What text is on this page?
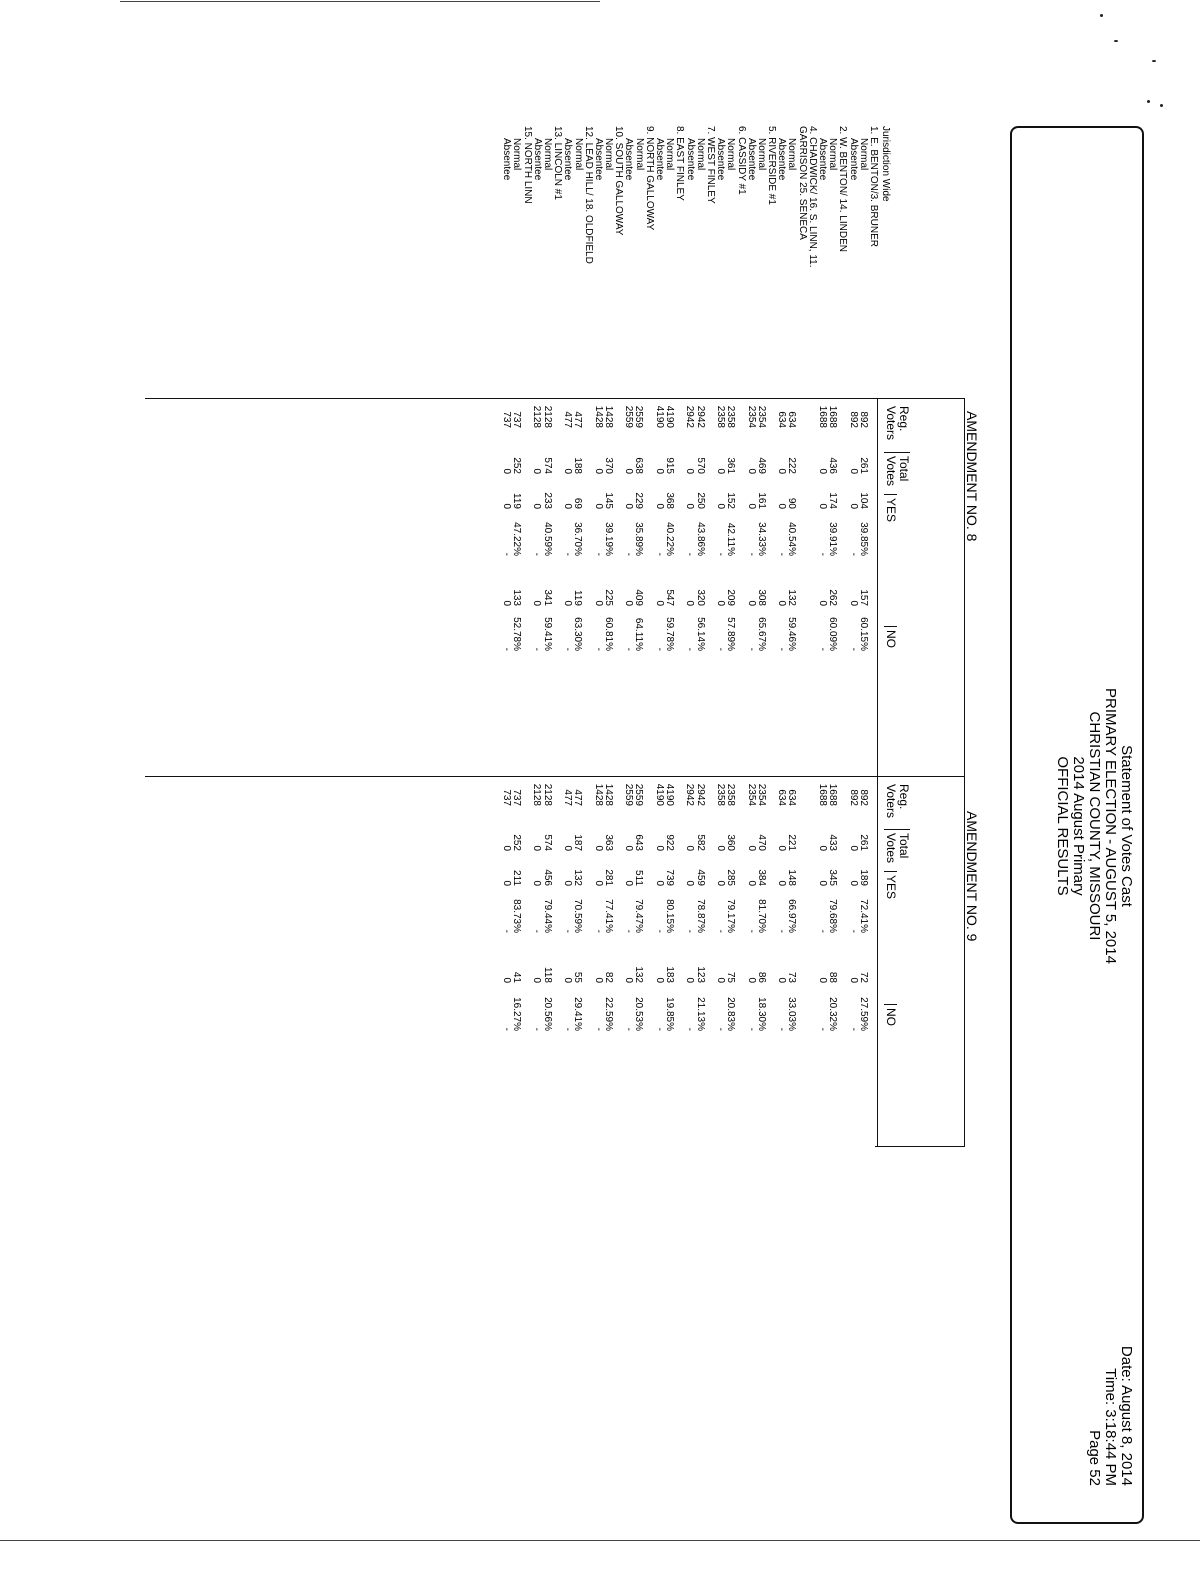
Statement of Votes Cast
PRIMARY ELECTION - AUGUST 5, 2014
CHRISTIAN COUNTY, MISSOURI
2014 August Primary
OFFICIAL RESULTS
Date: August 8, 2014
Time: 3:18:44 PM
Page 52
AMENDMENT NO. 8
AMENDMENT NO. 9
Reg.
Voters
Total
Votes
YES
NO
Reg.
Voters
Total
Votes
YES
NO
Jurisdiction Wide
1. E. BENTON/3. BRUNER
Normal
Absentee
2. W. BENTON/ 14. LINDEN
Normal
Absentee
4. CHADWICK/ 16. S. LINN, 11.
GARRISON 25. SENECA
Normal
Absentee
5. RIVERSIDE #1
Normal
Absentee
6. CASSIDY #1
Normal
Absentee
7. WEST FINLEY
Normal
Absentee
8. EAST FINLEY
Normal
Absentee
9. NORTH GALLOWAY
Normal
Absentee
10. SOUTH GALLOWAY
Normal
Absentee
12. LEAD HILL/ 18. OLDFIELD
Normal
Absentee
13. LINCOLN #1
Normal
Absentee
15. NORTH LINN
Normal
Absentee
892
261
104
39.85%
157
60.15%
892
261
189
72.41%
72
27.59%
892
0
0
-
0
-
892
0
0
-
0
-
1688
436
174
39.91%
262
60.09%
1688
433
345
79.68%
88
20.32%
1688
0
0
-
0
-
1688
0
0
-
0
-
634
222
90
40.54%
132
59.46%
634
221
148
66.97%
73
33.03%
634
0
0
-
0
-
634
0
0
-
0
-
2354
469
161
34.33%
308
65.67%
2354
470
384
81.70%
86
18.30%
2354
0
0
-
0
-
2354
0
0
-
0
-
2358
361
152
42.11%
209
57.89%
2358
360
285
79.17%
75
20.83%
2358
0
0
-
0
-
2358
0
0
-
0
-
2942
570
250
43.86%
320
56.14%
2942
582
459
78.87%
123
21.13%
2942
0
0
-
0
-
2942
0
0
-
0
-
4190
915
368
40.22%
547
59.78%
4190
922
739
80.15%
183
19.85%
4190
0
0
-
0
-
4190
0
0
-
0
-
2559
638
229
35.89%
409
64.11%
2559
643
511
79.47%
132
20.53%
2559
0
0
-
0
-
2559
0
0
-
0
-
1428
370
145
39.19%
225
60.81%
1428
363
281
77.41%
82
22.59%
1428
0
0
-
0
-
1428
0
0
-
0
-
477
188
69
36.70%
119
63.30%
477
187
132
70.59%
55
29.41%
477
0
0
-
0
-
477
0
0
-
0
-
2128
574
233
40.59%
341
59.41%
2128
574
456
79.44%
118
20.56%
2128
0
0
-
0
-
2128
0
0
-
0
-
737
252
119
47.22%
133
52.78%
737
252
211
83.73%
41
16.27%
737
0
0
-
0
-
737
0
0
-
0
-
